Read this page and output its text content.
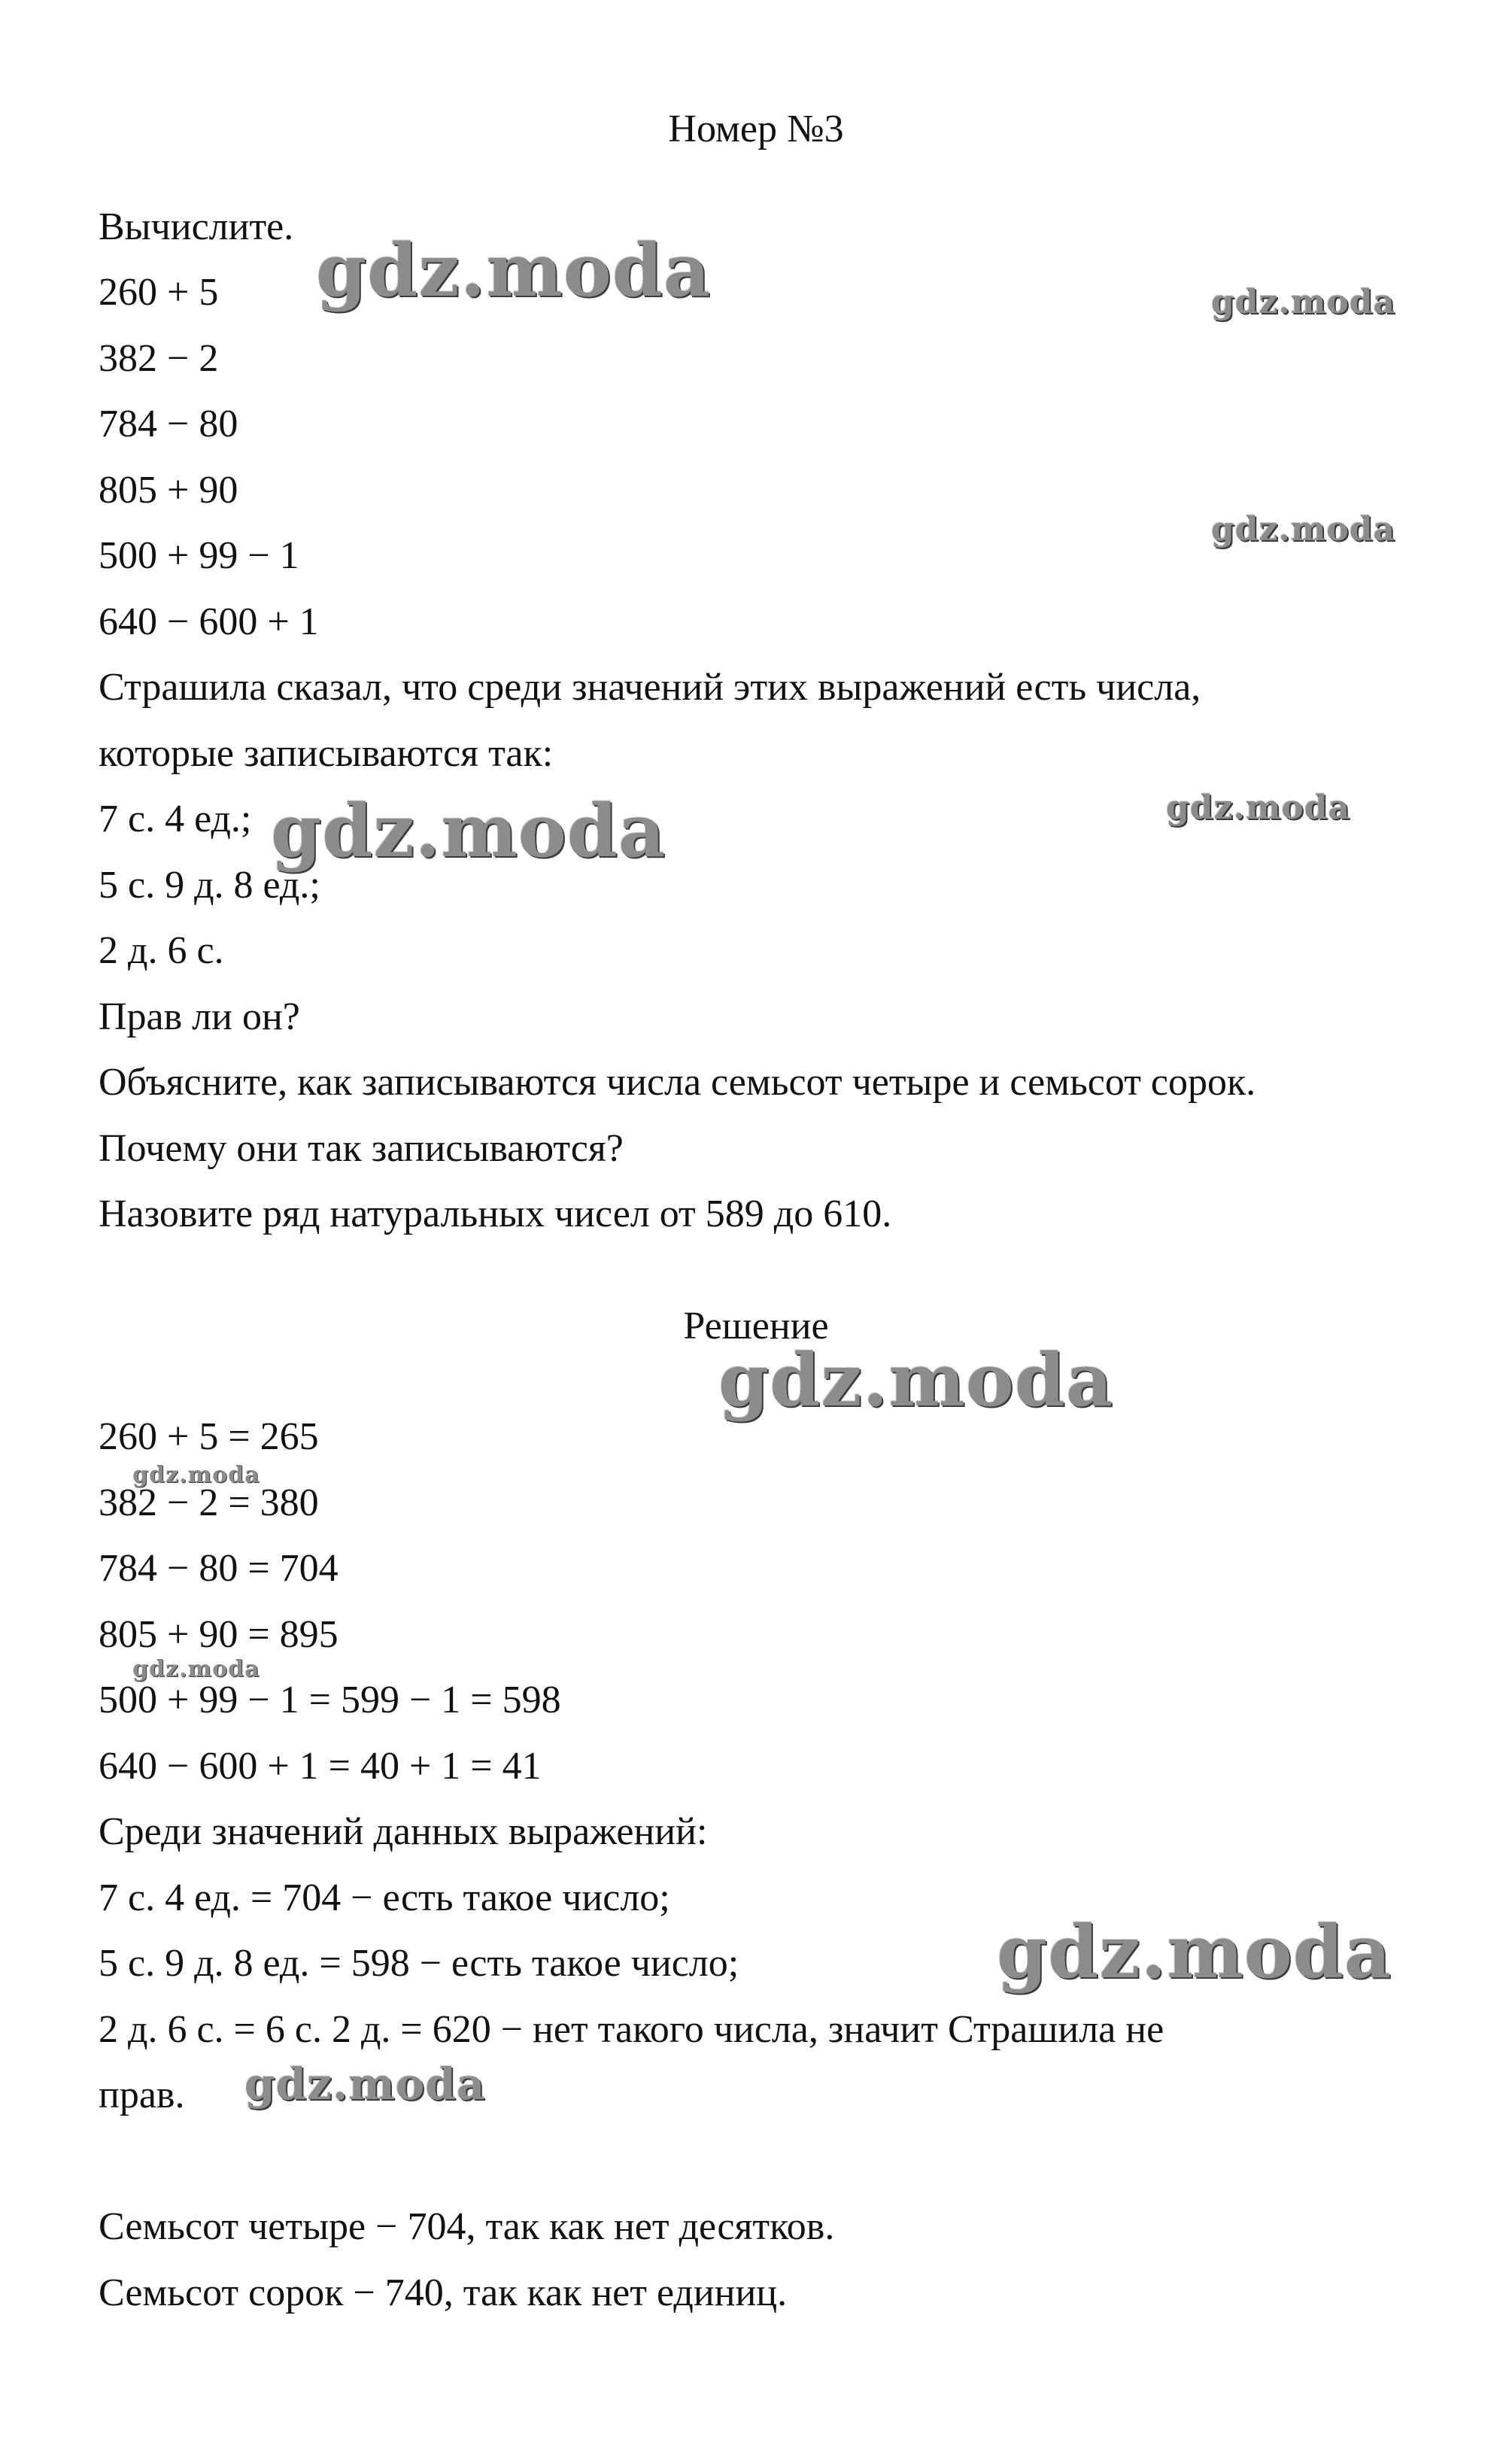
Номер №3
Вычислите.
260 + 5
382 − 2
784 − 80
805 + 90
500 + 99 − 1
640 − 600 + 1
Страшила сказал, что среди значений этих выражений есть числа,
которые записываются так:
7 с. 4 ед.;
5 с. 9 д. 8 ед.;
2 д. 6 с.
Прав ли он?
Объясните, как записываются числа семьсот четыре и семьсот сорок.
Почему они так записываются?
Назовите ряд натуральных чисел от 589 до 610.
Решение
260 + 5 = 265
382 − 2 = 380
784 − 80 = 704
805 + 90 = 895
500 + 99 − 1 = 599 − 1 = 598
640 − 600 + 1 = 40 + 1 = 41
Среди значений данных выражений:
7 с. 4 ед. = 704 − есть такое число;
5 с. 9 д. 8 ед. = 598 − есть такое число;
2 д. 6 с. = 6 с. 2 д. = 620 − нет такого числа, значит Страшила не
прав.
Семьсот четыре − 704, так как нет десятков.
Семьсот сорок − 740, так как нет единиц.
gdz.moda	gdz.moda
gdz.moda
gdz.moda	gdz.moda
gdz.moda
gdz.moda
gdz.moda
gdz.moda
gdz.moda
